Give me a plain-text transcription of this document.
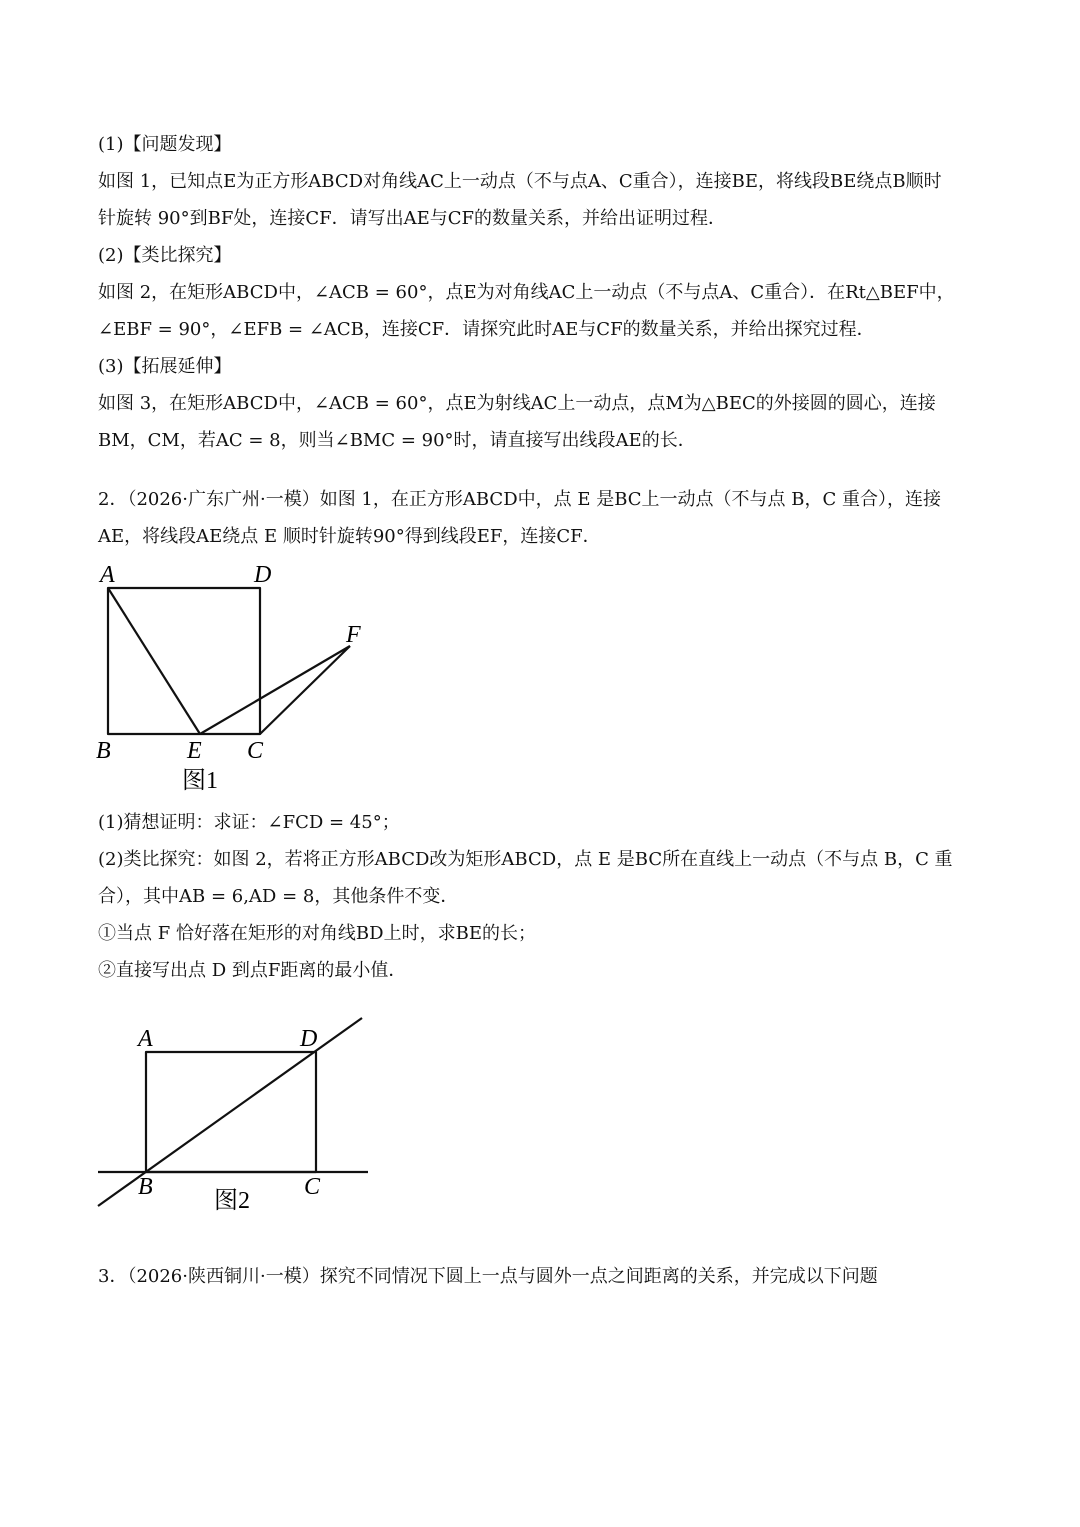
(1)【问题发现】
如图 1，已知点E为正方形ABCD对角线AC上一动点（不与点A、C重合），连接BE，将线段BE绕点B顺时
针旋转 90°到BF处，连接CF．请写出AE与CF的数量关系，并给出证明过程．
(2)【类比探究】
如图 2，在矩形ABCD中，∠ACB = 60°，点E为对角线AC上一动点（不与点A、C重合）．在Rt△BEF中，
∠EBF = 90°，∠EFB = ∠ACB，连接CF．请探究此时AE与CF的数量关系，并给出探究过程．
(3)【拓展延伸】
如图 3，在矩形ABCD中，∠ACB = 60°，点E为射线AC上一动点，点M为△BEC的外接圆的圆心，连接
BM，CM，若AC = 8，则当∠BMC = 90°时，请直接写出线段AE的长．
2．（2026·广东广州·一模）如图 1，在正方形ABCD中，点 E 是BC上一动点（不与点 B，C 重合），连接
AE，将线段AE绕点 E 顺时针旋转90°得到线段EF，连接CF．
A	D
F
B	E C
图1
(1)猜想证明：求证：∠FCD = 45°；
(2)类比探究：如图 2，若将正方形ABCD改为矩形ABCD，点 E 是BC所在直线上一动点（不与点 B，C 重
合），其中AB = 6,AD = 8，其他条件不变．
①当点 F 恰好落在矩形的对角线BD上时，求BE的长；
②直接写出点 D 到点F距离的最小值．
A	D
B	C
图2
3．（2026·陕西铜川·一模）探究不同情况下圆上一点与圆外一点之间距离的关系，并完成以下问题
